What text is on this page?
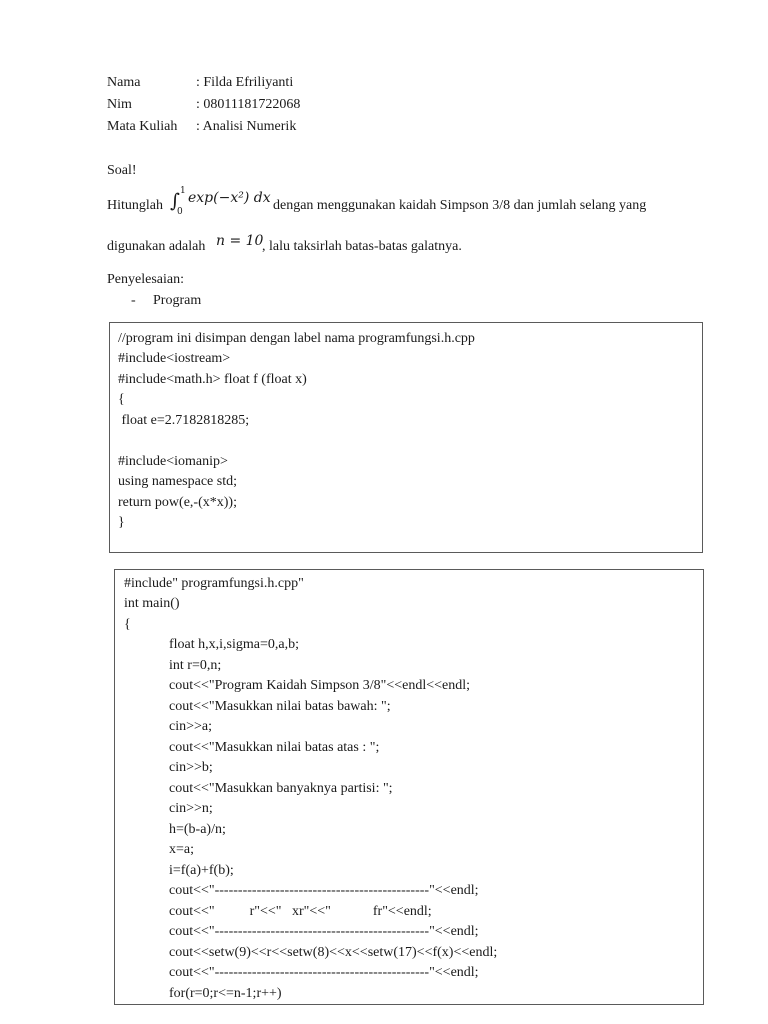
Nama	: Filda Efriliyanti
Nim	: 08011181722068
Mata Kuliah : Analisi Numerik
Soal!
Hitunglah ∫ 1
0
exp(−x²) dx dengan menggunakan kaidah Simpson 3/8 dan jumlah selang yang
digunakan adalah n = 10
, lalu taksirlah batas-batas galatnya.
Penyelesaian:
- Program
//program ini disimpan dengan label nama programfungsi.h.cpp
#include<iostream>
#include<math.h> float f (float x)
{
float e=2.7182818285;
#include<iomanip>
using namespace std;
return pow(e,-(x*x));
}
#include" programfungsi.h.cpp"
int main()
{
float h,x,i,sigma=0,a,b;
int r=0,n;
cout<<"Program Kaidah Simpson 3/8"<<endl<<endl;
cout<<"Masukkan nilai batas bawah: ";
cin>>a;
cout<<"Masukkan nilai batas atas : ";
cin>>b;
cout<<"Masukkan banyaknya partisi: ";
cin>>n;
h=(b-a)/n;
x=a;
i=f(a)+f(b);
cout<<"----------------------------------------------"<<endl;
cout<<"          r"<<"   xr"<<"            fr"<<endl;
cout<<"----------------------------------------------"<<endl;
cout<<setw(9)<<r<<setw(8)<<x<<setw(17)<<f(x)<<endl;
cout<<"----------------------------------------------"<<endl;
for(r=0;r<=n-1;r++)
